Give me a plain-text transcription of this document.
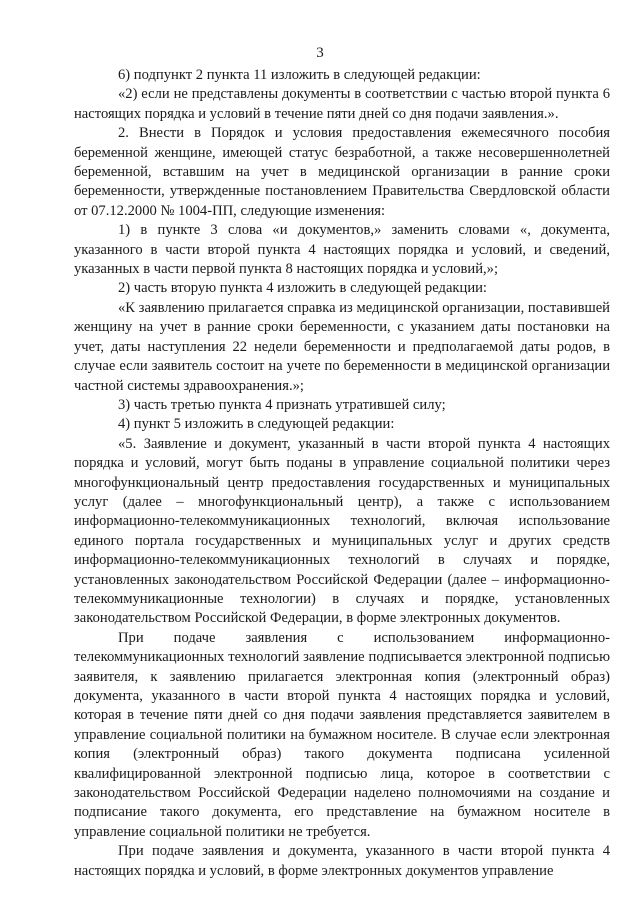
3

6) подпункт 2 пункта 11 изложить в следующей редакции:

«2) если не представлены документы в соответствии с частью второй пункта 6 настоящих порядка и условий в течение пяти дней со дня подачи заявления.».

2. Внести в Порядок и условия предоставления ежемесячного пособия беременной женщине, имеющей статус безработной, а также несовершеннолетней беременной, вставшим на учет в медицинской организации в ранние сроки беременности, утвержденные постановлением Правительства Свердловской области от 07.12.2000 № 1004-ПП, следующие изменения:

1) в пункте 3 слова «и документов,» заменить словами «, документа, указанного в части второй пункта 4 настоящих порядка и условий, и сведений, указанных в части первой пункта 8 настоящих порядка и условий,»;

2) часть вторую пункта 4 изложить в следующей редакции:

«К заявлению прилагается справка из медицинской организации, поставившей женщину на учет в ранние сроки беременности, с указанием даты постановки на учет, даты наступления 22 недели беременности и предполагаемой даты родов, в случае если заявитель состоит на учете по беременности в медицинской организации частной системы здравоохранения.»;

3) часть третью пункта 4 признать утратившей силу;

4) пункт 5 изложить в следующей редакции:

«5. Заявление и документ, указанный в части второй пункта 4 настоящих порядка и условий, могут быть поданы в управление социальной политики через многофункциональный центр предоставления государственных и муниципальных услуг (далее – многофункциональный центр), а также с использованием информационно-телекоммуникационных технологий, включая использование единого портала государственных и муниципальных услуг и других средств информационно-телекоммуникационных технологий в случаях и порядке, установленных законодательством Российской Федерации (далее – информационно-телекоммуникационные технологии) в случаях и порядке, установленных законодательством Российской Федерации, в форме электронных документов.

При подаче заявления с использованием информационно-телекоммуникационных технологий заявление подписывается электронной подписью заявителя, к заявлению прилагается электронная копия (электронный образ) документа, указанного в части второй пункта 4 настоящих порядка и условий, которая в течение пяти дней со дня подачи заявления представляется заявителем в управление социальной политики на бумажном носителе. В случае если электронная копия (электронный образ) такого документа подписана усиленной квалифицированной электронной подписью лица, которое в соответствии с законодательством Российской Федерации наделено полномочиями на создание и подписание такого документа, его представление на бумажном носителе в управление социальной политики не требуется.

При подаче заявления и документа, указанного в части второй пункта 4 настоящих порядка и условий, в форме электронных документов управление
